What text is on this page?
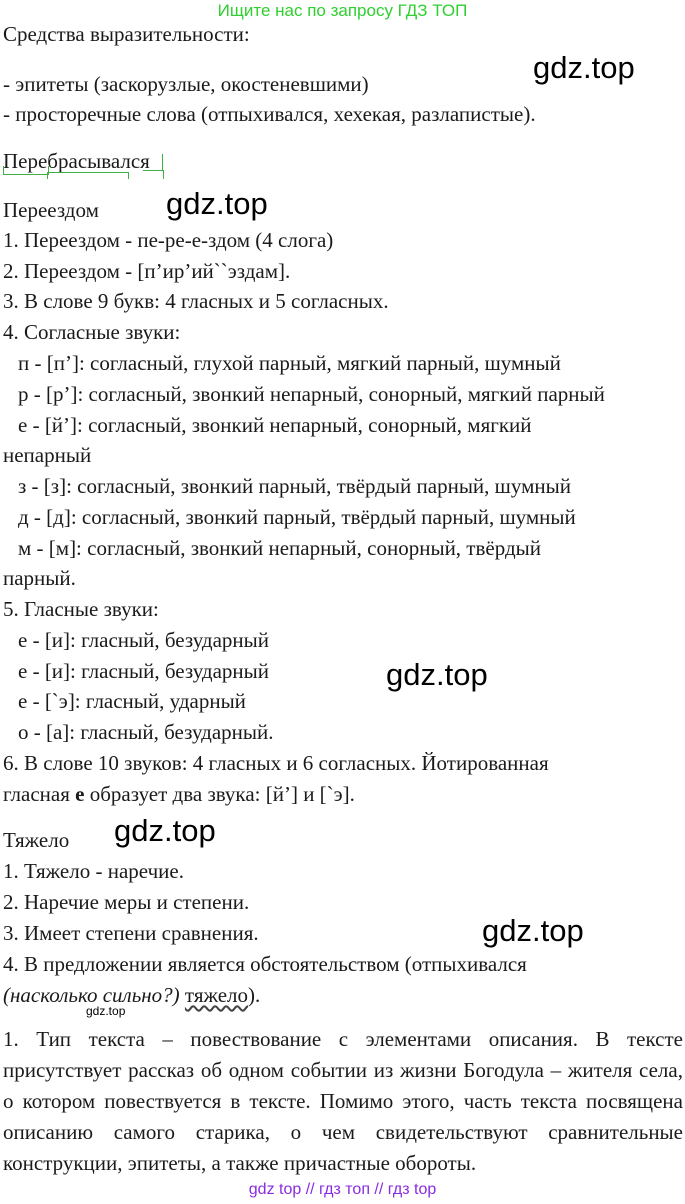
Ищите нас по запросу ГДЗ ТОП
Средства выразительности:
- эпитеты (заскорузлые, окостеневшими)
- просторечные слова (отпыхивался, хехекая, разлапистые).
gdz.top
Перебрасывался
Переездом gdz.top
1. Переездом - пе-ре-е-здом (4 слога)
2. Переездом - [п’ир’ий``эздам].
3. В слове 9 букв: 4 гласных и 5 согласных.
4. Согласные звуки:
п - [п’]: согласный, глухой парный, мягкий парный, шумный
р - [р’]: согласный, звонкий непарный, сонорный, мягкий парный
е - [й’]: согласный, звонкий непарный, сонорный, мягкий
непарный
з - [з]: согласный, звонкий парный, твёрдый парный, шумный
д - [д]: согласный, звонкий парный, твёрдый парный, шумный
м - [м]: согласный, звонкий непарный, сонорный, твёрдый
парный.
5. Гласные звуки:
е - [и]: гласный, безударный
е - [и]: гласный, безударный
е - [`э]: гласный, ударный
о - [а]: гласный, безударный.
gdz.top
6. В слове 10 звуков: 4 гласных и 6 согласных. Йотированная
гласная е образует два звука: [й’] и [`э].
Тяжело gdz.top
1. Тяжело - наречие.
2. Наречие меры и степени.
3. Имеет степени сравнения.	gdz.top
4. В предложении является обстоятельством (отпыхивался
(насколько сильно?) тяжело).
gdz.top
1. Тип текста – повествование с элементами описания. В тексте присутствует рассказ об одном событии из жизни Богодула – жителя села, о котором повествуется в тексте. Помимо этого, часть текста посвящена описанию самого старика, о чем свидетельствуют сравнительные конструкции, эпитеты, а также причастные обороты.
gdz top // гдз топ // гдз top
